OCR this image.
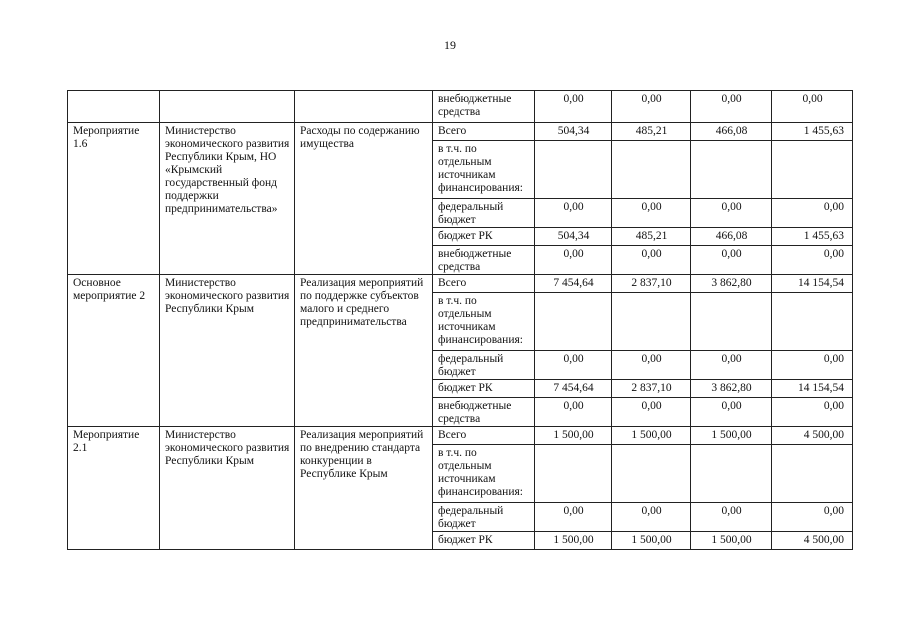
19
			внебюджетные средства	0,00	0,00	0,00	0,00
Мероприятие 1.6	Министерство экономического развития Республики Крым, НО «Крымский государственный фонд поддержки предпринимательства»	Расходы по содержанию имущества	Всего	504,34	485,21	466,08	1 455,63
			в т.ч. по отдельным источникам финансирования:				
			федеральный бюджет	0,00	0,00	0,00	0,00
			бюджет РК	504,34	485,21	466,08	1 455,63
			внебюджетные средства	0,00	0,00	0,00	0,00
Основное мероприятие 2	Министерство экономического развития Республики Крым	Реализация мероприятий по поддержке субъектов малого и среднего предпринимательства	Всего	7 454,64	2 837,10	3 862,80	14 154,54
			в т.ч. по отдельным источникам финансирования:				
			федеральный бюджет	0,00	0,00	0,00	0,00
			бюджет РК	7 454,64	2 837,10	3 862,80	14 154,54
			внебюджетные средства	0,00	0,00	0,00	0,00
Мероприятие 2.1	Министерство экономического развития Республики Крым	Реализация мероприятий по внедрению стандарта конкуренции в Республике Крым	Всего	1 500,00	1 500,00	1 500,00	4 500,00
			в т.ч. по отдельным источникам финансирования:				
			федеральный бюджет	0,00	0,00	0,00	0,00
			бюджет РК	1 500,00	1 500,00	1 500,00	4 500,00
